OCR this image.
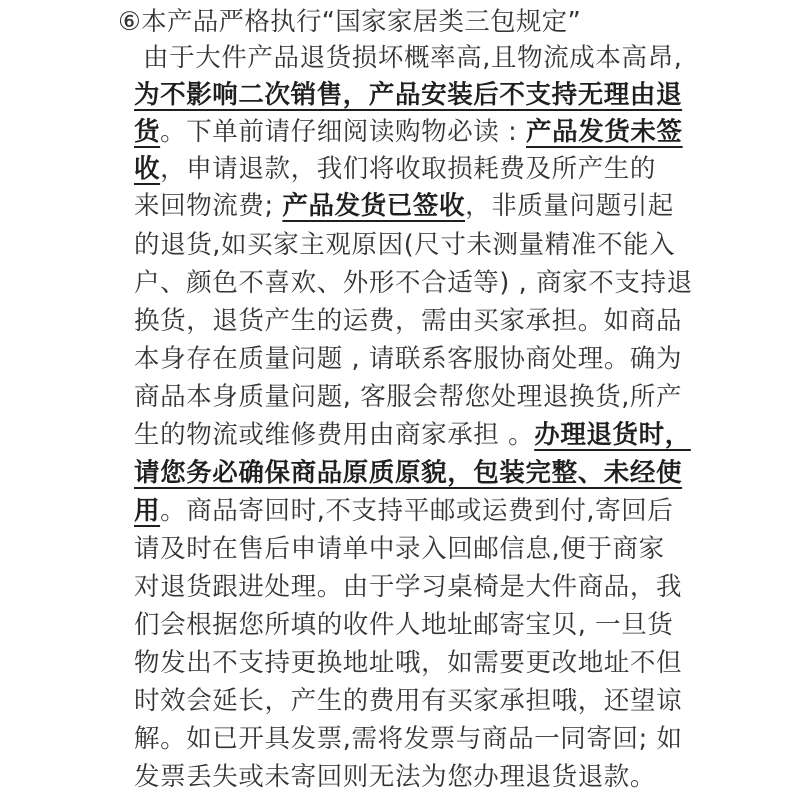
⑥本产品严格执行“国家家居类三包规定”
由于大件产品退货损坏概率高,且物流成本高昂,
为不影响二次销售，产品安装后不支持无理由退
货。下单前请仔细阅读购物必读 : 产品发货未签
收，申请退款，我们将收取损耗费及所产生的
来回物流费; 产品发货已签收，非质量问题引起
的退货,如买家主观原因(尺寸未测量精准不能入
户、颜色不喜欢、外形不合适等) , 商家不支持退
换货，退货产生的运费，需由买家承担。如商品
本身存在质量问题 , 请联系客服协商处理。确为
商品本身质量问题, 客服会帮您处理退换货,所产
生的物流或维修费用由商家承担 。办理退货时，
请您务必确保商品原质原貌，包装完整、未经使
用。商品寄回时,不支持平邮或运费到付,寄回后
请及时在售后申请单中录入回邮信息,便于商家
对退货跟进处理。由于学习桌椅是大件商品，我
们会根据您所填的收件人地址邮寄宝贝, 一旦货
物发出不支持更换地址哦，如需要更改地址不但
时效会延长，产生的费用有买家承担哦，还望谅
解。如已开具发票,需将发票与商品一同寄回; 如
发票丢失或未寄回则无法为您办理退货退款。
